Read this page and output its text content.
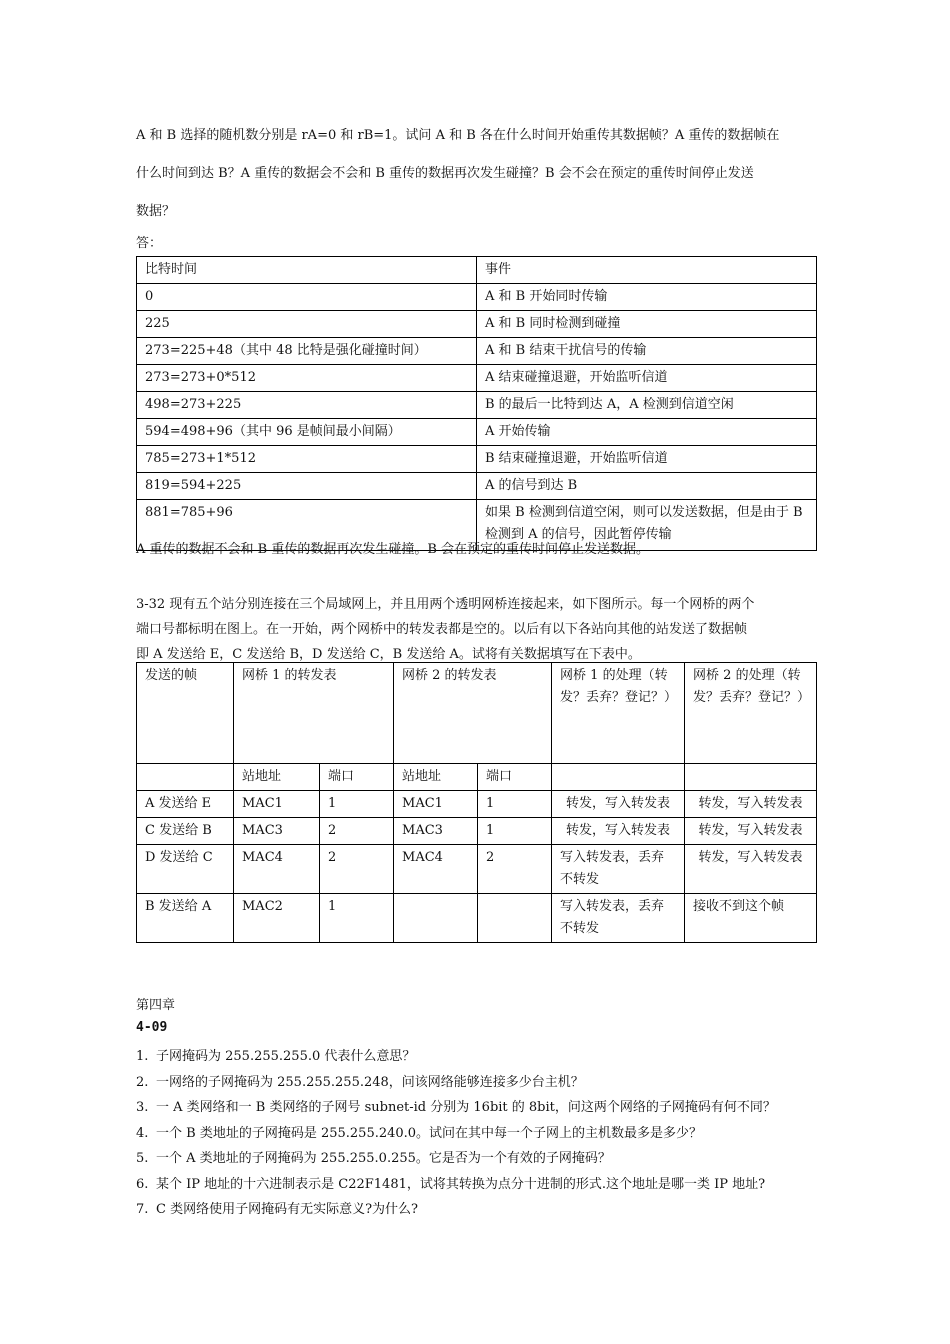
A 和 B 选择的随机数分别是 rA=0 和 rB=1。试问 A 和 B 各在什么时间开始重传其数据帧？A 重传的数据帧在
什么时间到达 B？A 重传的数据会不会和 B 重传的数据再次发生碰撞？B 会不会在预定的重传时间停止发送
数据？
答：
比特时间	事件
0	A 和 B 开始同时传输
225	A 和 B 同时检测到碰撞
273=225+48（其中 48 比特是强化碰撞时间）	A 和 B 结束干扰信号的传输
273=273+0*512	A 结束碰撞退避，开始监听信道
498=273+225	B 的最后一比特到达 A，A 检测到信道空闲
594=498+96（其中 96 是帧间最小间隔）	A 开始传输
785=273+1*512	B 结束碰撞退避，开始监听信道
819=594+225	A 的信号到达 B
881=785+96	如果 B 检测到信道空闲，则可以发送数据，但是由于 B 检测到 A 的信号，因此暂停传输
A 重传的数据不会和 B 重传的数据再次发生碰撞。B 会在预定的重传时间停止发送数据。
3-32 现有五个站分别连接在三个局域网上，并且用两个透明网桥连接起来，如下图所示。每一个网桥的两个
端口号都标明在图上。在一开始，两个网桥中的转发表都是空的。以后有以下各站向其他的站发送了数据帧
即 A 发送给 E，C 发送给 B，D 发送给 C，B 发送给 A。试将有关数据填写在下表中。
发送的帧	网桥 1 的转发表		网桥 2 的转发表		网桥 1 的处理（转发？丢弃？登记？）	网桥 2 的处理（转发？丢弃？登记？）
	站地址	端口	站地址	端口		
A 发送给 E	MAC1	1	MAC1	1	转发，写入转发表	转发，写入转发表
C 发送给 B	MAC3	2	MAC3	1	转发，写入转发表	转发，写入转发表
D 发送给 C	MAC4	2	MAC4	2	写入转发表，丢弃不转发	转发，写入转发表
B 发送给 A	MAC2	1			写入转发表，丢弃不转发	接收不到这个帧
第四章
4-09
1. 子网掩码为 255.255.255.0 代表什么意思？
2. 一网络的子网掩码为 255.255.255.248，问该网络能够连接多少台主机？
3. 一 A 类网络和一 B 类网络的子网号 subnet-id 分别为 16bit 的 8bit，问这两个网络的子网掩码有何不同？
4. 一个 B 类地址的子网掩码是 255.255.240.0。试问在其中每一个子网上的主机数最多是多少？
5. 一个 A 类地址的子网掩码为 255.255.0.255。它是否为一个有效的子网掩码？
6. 某个 IP 地址的十六进制表示是 C22F1481，试将其转换为点分十进制的形式.这个地址是哪一类 IP 地址?
7. C 类网络使用子网掩码有无实际意义?为什么?
